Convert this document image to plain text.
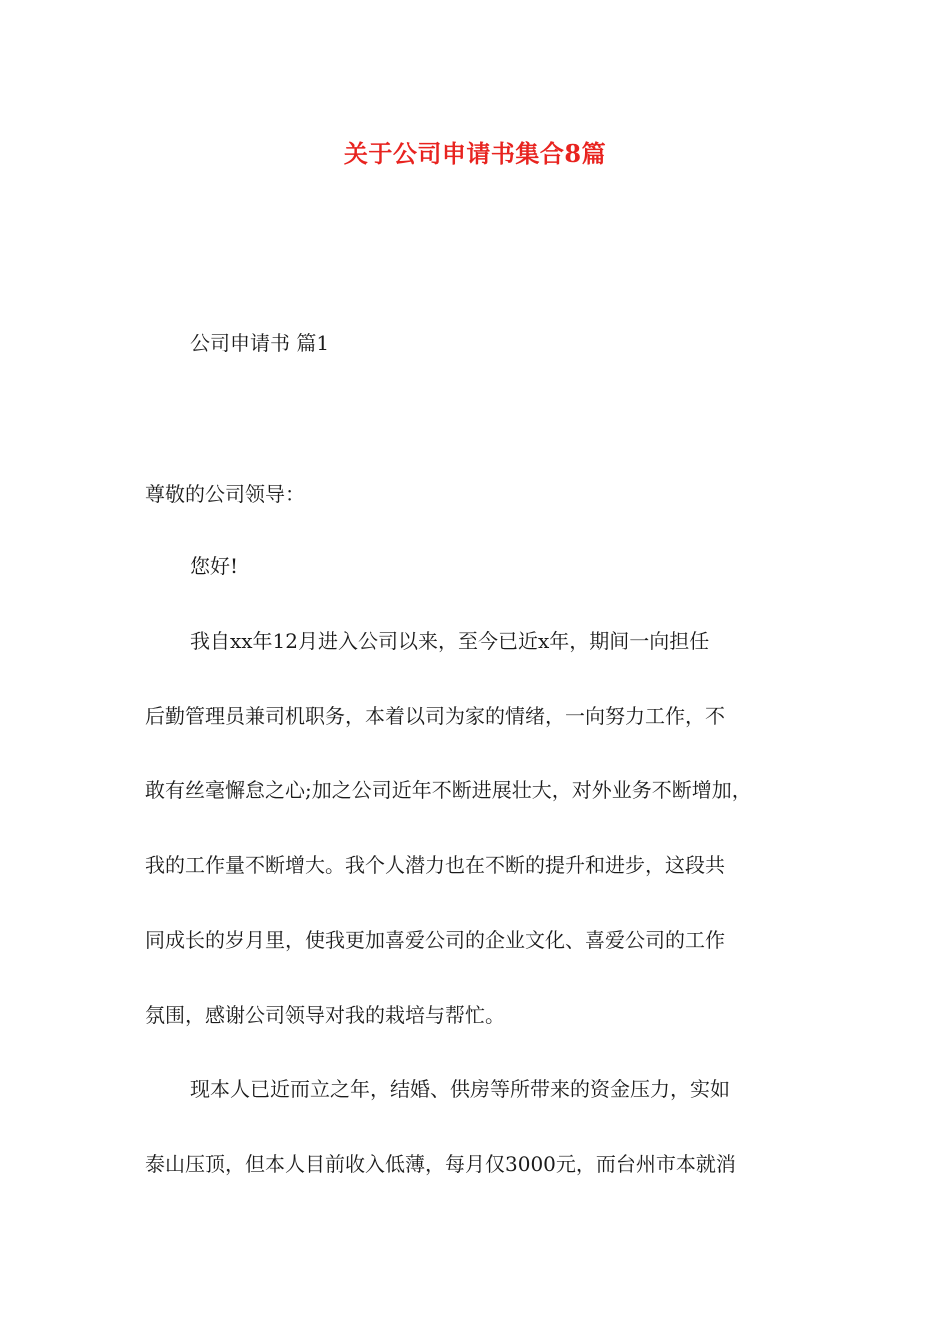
关于公司申请书集合8篇

公司申请书 篇1

尊敬的公司领导：

您好!

我自xx年12月进入公司以来，至今已近x年，期间一向担任

后勤管理员兼司机职务，本着以司为家的情绪，一向努力工作，不

敢有丝毫懈怠之心;加之公司近年不断进展壮大，对外业务不断增加，

我的工作量不断增大。我个人潜力也在不断的提升和进步，这段共

同成长的岁月里，使我更加喜爱公司的企业文化、喜爱公司的工作

氛围，感谢公司领导对我的栽培与帮忙。

现本人已近而立之年，结婚、供房等所带来的资金压力，实如

泰山压顶，但本人目前收入低薄，每月仅3000元，而台州市本就消
